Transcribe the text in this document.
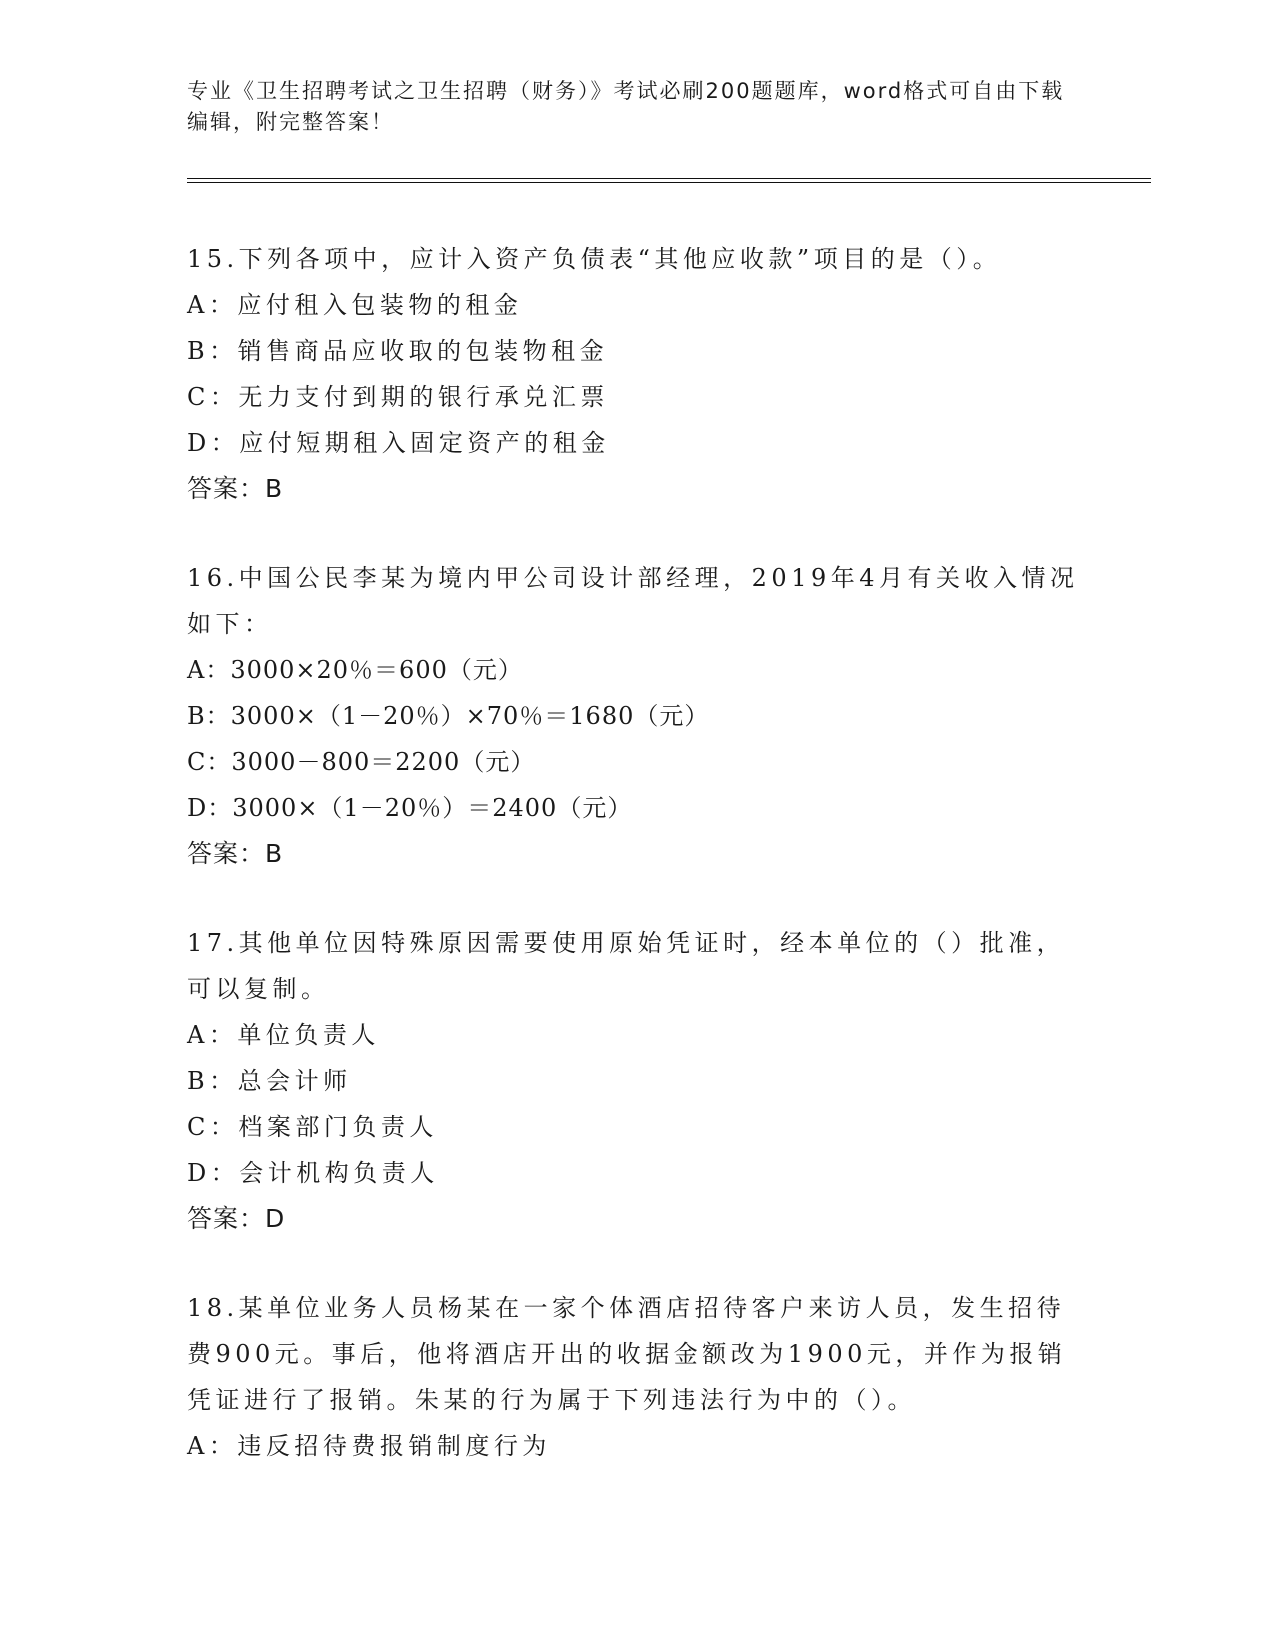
专业《卫生招聘考试之卫生招聘（财务）》考试必刷200题题库，word格式可自由下载编辑，附完整答案！

15.下列各项中，应计入资产负债表“其他应收款”项目的是（）。

A：应付租入包装物的租金

B：销售商品应收取的包装物租金

C：无力支付到期的银行承兑汇票

D：应付短期租入固定资产的租金

答案：B

16.中国公民李某为境内甲公司设计部经理，2019年4月有关收入情况如下：

A：3000×20％＝600（元）

B：3000×（1－20％）×70％＝1680（元）

C：3000－800＝2200（元）

D：3000×（1－20％）＝2400（元）

答案：B

17.其他单位因特殊原因需要使用原始凭证时，经本单位的（）批准，可以复制。

A：单位负责人

B：总会计师

C：档案部门负责人

D：会计机构负责人

答案：D

18.某单位业务人员杨某在一家个体酒店招待客户来访人员，发生招待费900元。事后，他将酒店开出的收据金额改为1900元，并作为报销凭证进行了报销。朱某的行为属于下列违法行为中的（）。

A：违反招待费报销制度行为
